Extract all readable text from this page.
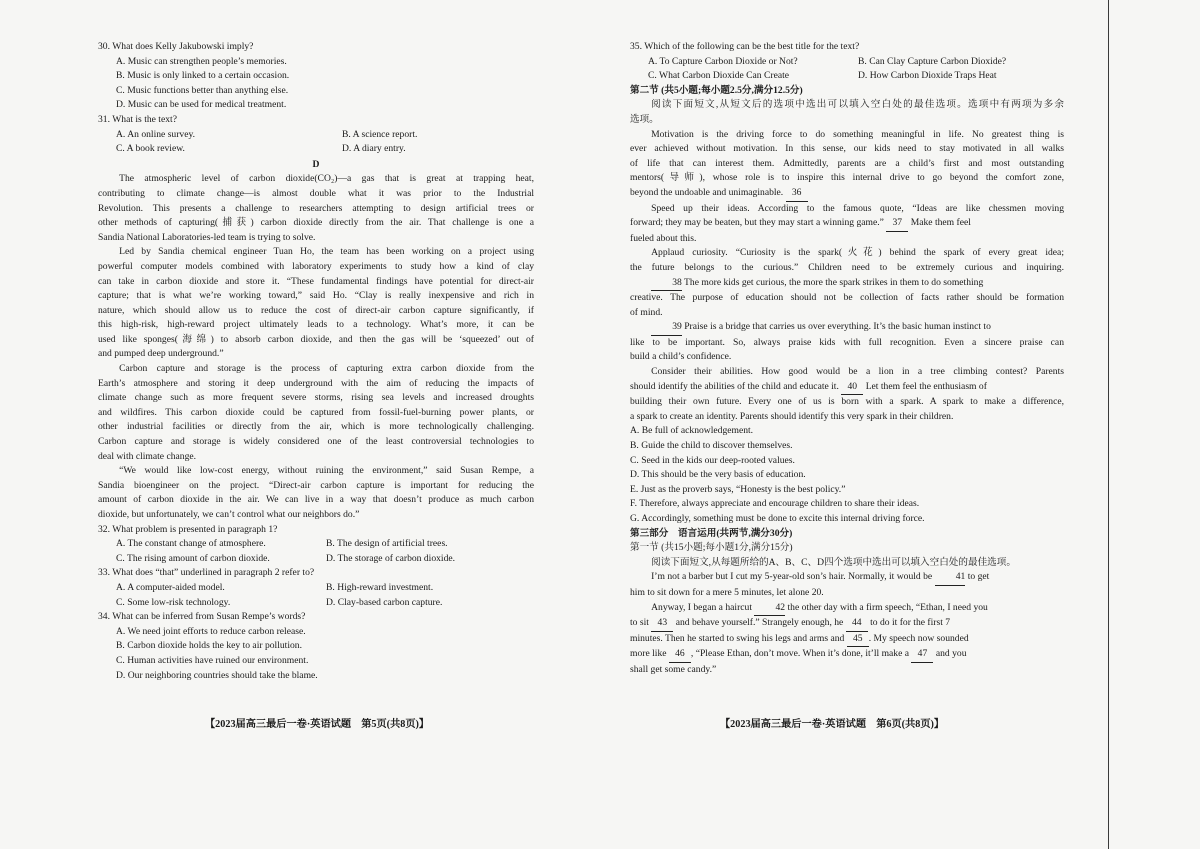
30. What does Kelly Jakubowski imply?
A. Music can strengthen people’s memories.
B. Music is only linked to a certain occasion.
C. Music functions better than anything else.
D. Music can be used for medical treatment.
31. What is the text?
A. An online survey.	B. A science report.
C. A book review.	D. A diary entry.
D
The atmospheric level of carbon dioxide(CO₂)—a gas that is great at trapping heat,
contributing to climate change—is almost double what it was prior to the Industrial
Revolution. This presents a challenge to researchers attempting to design artificial trees or
other methods of capturing(捕获) carbon dioxide directly from the air. That challenge is one a
Sandia National Laboratories-led team is trying to solve.
Led by Sandia chemical engineer Tuan Ho, the team has been working on a project using
powerful computer models combined with laboratory experiments to study how a kind of clay
can take in carbon dioxide and store it. “These fundamental findings have potential for direct-air
capture; that is what we’re working toward,” said Ho. “Clay is really inexpensive and rich in
nature, which should allow us to reduce the cost of direct-air carbon capture significantly, if
this high-risk, high-reward project ultimately leads to a technology. What’s more, it can be
used like sponges(海绵) to absorb carbon dioxide, and then the gas will be ‘squeezed’ out of
and pumped deep underground.”
Carbon capture and storage is the process of capturing extra carbon dioxide from the
Earth’s atmosphere and storing it deep underground with the aim of reducing the impacts of
climate change such as more frequent severe storms, rising sea levels and increased droughts
and wildfires. This carbon dioxide could be captured from fossil-fuel-burning power plants, or
other industrial facilities or directly from the air, which is more technologically challenging.
Carbon capture and storage is widely considered one of the least controversial technologies to
deal with climate change.
“We would like low-cost energy, without ruining the environment,” said Susan Rempe, a
Sandia bioengineer on the project. “Direct-air carbon capture is important for reducing the
amount of carbon dioxide in the air. We can live in a way that doesn’t produce as much carbon
dioxide, but unfortunately, we can’t control what our neighbors do.”
32. What problem is presented in paragraph 1?
A. The constant change of atmosphere.	B. The design of artificial trees.
C. The rising amount of carbon dioxide.	D. The storage of carbon dioxide.
33. What does “that” underlined in paragraph 2 refer to?
A. A computer-aided model.	B. High-reward investment.
C. Some low-risk technology.	D. Clay-based carbon capture.
34. What can be inferred from Susan Rempe’s words?
A. We need joint efforts to reduce carbon release.
B. Carbon dioxide holds the key to air pollution.
C. Human activities have ruined our environment.
D. Our neighboring countries should take the blame.
【2023届高三最后一卷·英语试题　第5页(共8页)】
35. Which of the following can be the best title for the text?
A. To Capture Carbon Dioxide or Not?	B. Can Clay Capture Carbon Dioxide?
C. What Carbon Dioxide Can Create	D. How Carbon Dioxide Traps Heat
第二节 (共5小题;每小题2.5分,满分12.5分)
阅读下面短文,从短文后的选项中选出可以填入空白处的最佳选项。选项中有两项为多余
选项。
Motivation is the driving force to do something meaningful in life. No greatest thing is
ever achieved without motivation. In this sense, our kids need to stay motivated in all walks
of life that can interest them. Admittedly, parents are a child’s first and most outstanding
mentors(导师), whose role is to inspire this internal drive to go beyond the comfort zone,
beyond the undoable and unimaginable. 36
Speed up their ideas. According to the famous quote, “Ideas are like chessmen moving
forward; they may be beaten, but they may start a winning game.” 37 Make them feel
fueled about this.
Applaud curiosity. “Curiosity is the spark(火花) behind the spark of every great idea;
the future belongs to the curious.” Children need to be extremely curious and inquiring.
38 The more kids get curious, the more the spark strikes in them to do something
creative. The purpose of education should not be collection of facts rather should be formation
of mind.
39 Praise is a bridge that carries us over everything. It’s the basic human instinct to
like to be important. So, always praise kids with full recognition. Even a sincere praise can
build a child’s confidence.
Consider their abilities. How good would be a lion in a tree climbing contest? Parents
should identify the abilities of the child and educate it. 40 Let them feel the enthusiasm of
building their own future. Every one of us is born with a spark. A spark to make a difference,
a spark to create an identity. Parents should identify this very spark in their children.
A. Be full of acknowledgement.
B. Guide the child to discover themselves.
C. Seed in the kids our deep-rooted values.
D. This should be the very basis of education.
E. Just as the proverb says, “Honesty is the best policy.”
F. Therefore, always appreciate and encourage children to share their ideas.
G. Accordingly, something must be done to excite this internal driving force.
第三部分　语言运用(共两节,满分30分)
第一节 (共15小题;每小题1分,满分15分)
阅读下面短文,从每题所给的A、B、C、D四个选项中选出可以填入空白处的最佳选项。
I’m not a barber but I cut my 5-year-old son’s hair. Normally, it would be 41 to get
him to sit down for a mere 5 minutes, let alone 20.
Anyway, I began a haircut 42 the other day with a firm speech, “Ethan, I need you
to sit 43 and behave yourself.” Strangely enough, he 44 to do it for the first 7
minutes. Then he started to swing his legs and arms and 45 . My speech now sounded
more like 46 , “Please Ethan, don’t move. When it’s done, it’ll make a 47 and you
shall get some candy.”
【2023届高三最后一卷·英语试题　第6页(共8页)】
